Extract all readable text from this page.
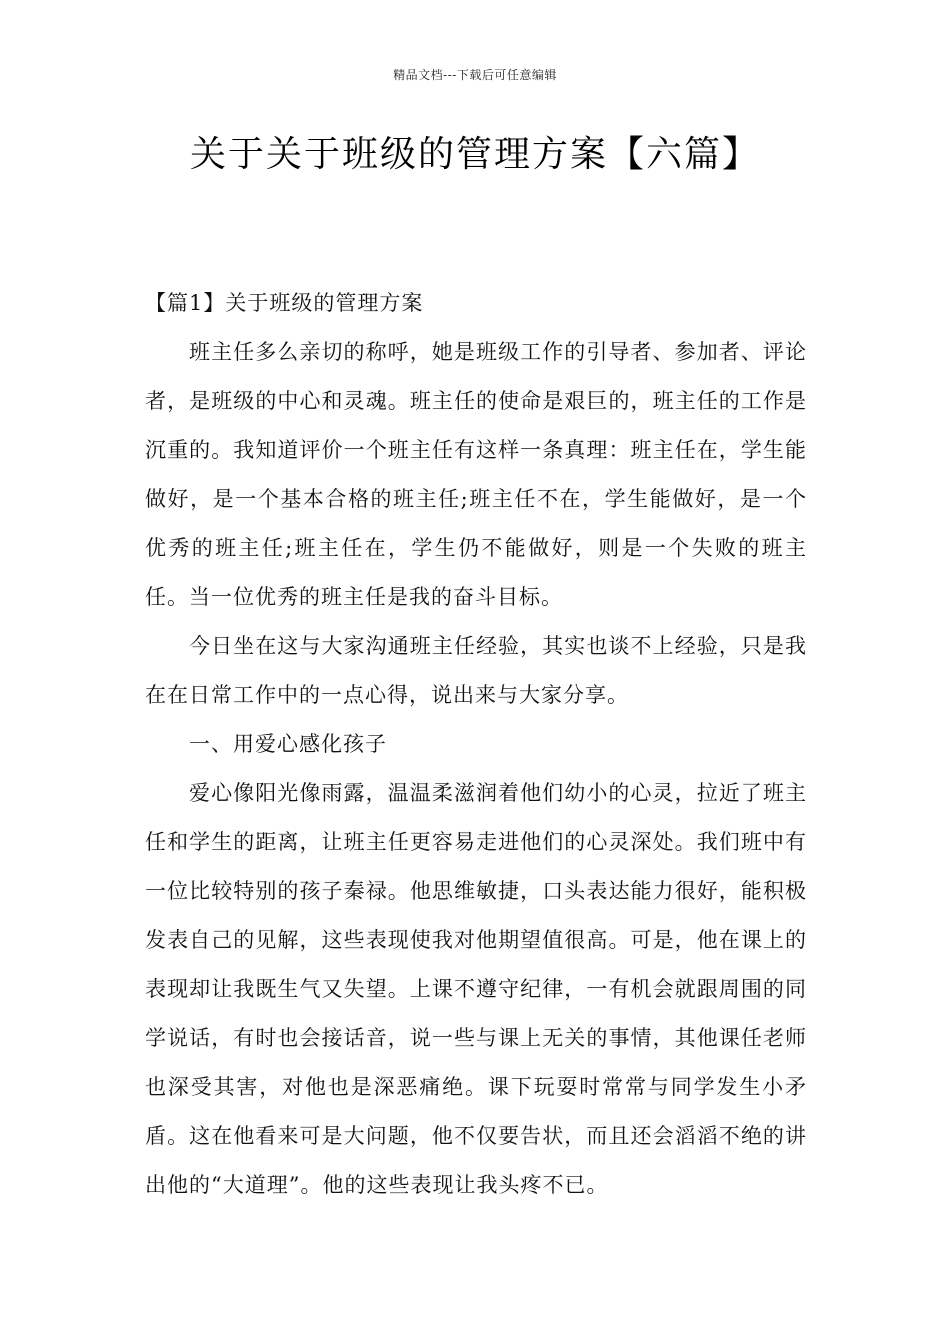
精品文档---下载后可任意编辑
关于关于班级的管理方案【六篇】

【篇1】关于班级的管理方案

班主任多么亲切的称呼，她是班级工作的引导者、参加者、评论者，是班级的中心和灵魂。班主任的使命是艰巨的，班主任的工作是沉重的。我知道评价一个班主任有这样一条真理：班主任在，学生能做好，是一个基本合格的班主任;班主任不在，学生能做好，是一个优秀的班主任;班主任在，学生仍不能做好，则是一个失败的班主任。当一位优秀的班主任是我的奋斗目标。

今日坐在这与大家沟通班主任经验，其实也谈不上经验，只是我在在日常工作中的一点心得，说出来与大家分享。

一、用爱心感化孩子

爱心像阳光像雨露，温温柔滋润着他们幼小的心灵，拉近了班主任和学生的距离，让班主任更容易走进他们的心灵深处。我们班中有一位比较特别的孩子秦禄。他思维敏捷，口头表达能力很好，能积极发表自己的见解，这些表现使我对他期望值很高。可是，他在课上的表现却让我既生气又失望。上课不遵守纪律，一有机会就跟周围的同学说话，有时也会接话音，说一些与课上无关的事情，其他课任老师也深受其害，对他也是深恶痛绝。课下玩耍时常常与同学发生小矛盾。这在他看来可是大问题，他不仅要告状，而且还会滔滔不绝的讲出他的“大道理”。他的这些表现让我头疼不已。
